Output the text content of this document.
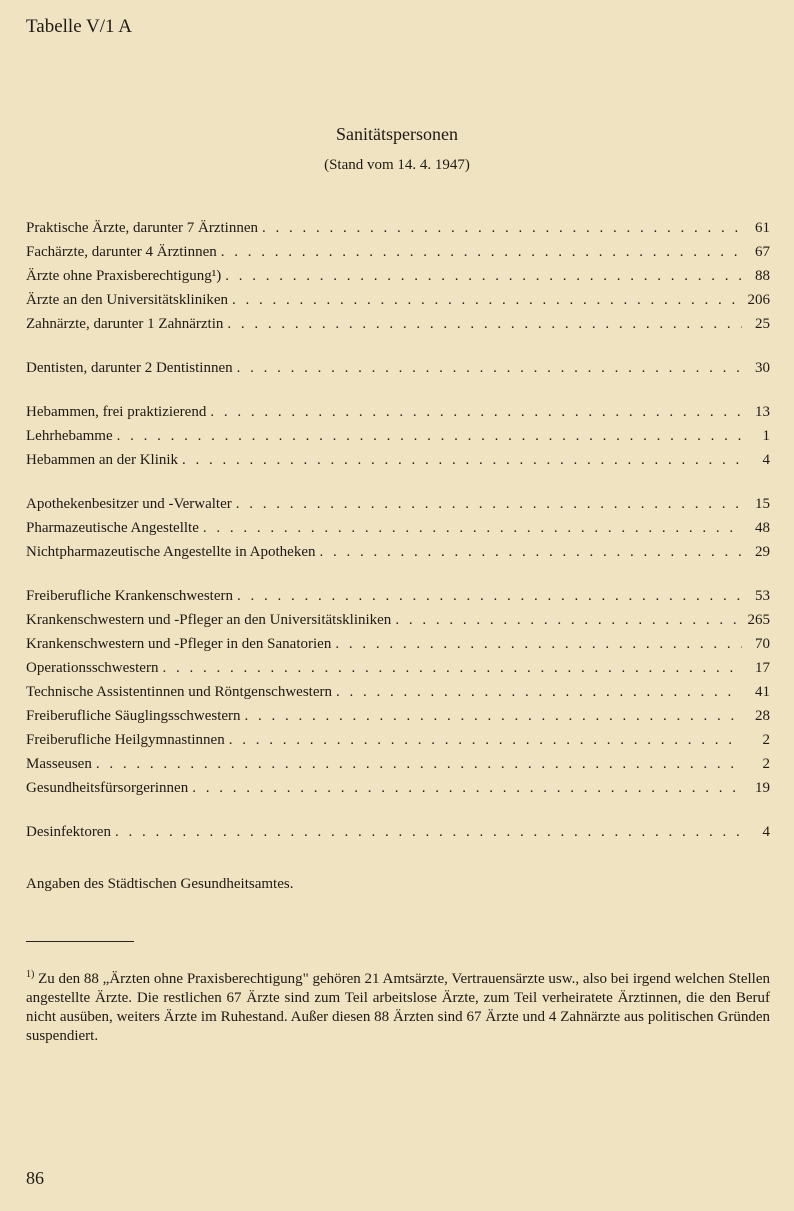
Tabelle V/1 A
Sanitätspersonen
(Stand vom 14. 4. 1947)
Praktische Ärzte, darunter 7 Ärztinnen . . .	61
Fachärzte, darunter 4 Ärztinnen . . .	67
Ärzte ohne Praxisberechtigung¹) . . .	88
Ärzte an den Universitätskliniken . . .	206
Zahnärzte, darunter 1 Zahnärztin . . .	25
Dentisten, darunter 2 Dentistinnen . . .	30
Hebammen, frei praktizierend . . .	13
Lehrhebamme . . .	1
Hebammen an der Klinik . . .	4
Apothekenbesitzer und -Verwalter . . .	15
Pharmazeutische Angestellte . . .	48
Nichtpharmazeutische Angestellte in Apotheken . . .	29
Freiberufliche Krankenschwestern . . .	53
Krankenschwestern und -Pfleger an den Universitätskliniken . . .	265
Krankenschwestern und -Pfleger in den Sanatorien . . .	70
Operationsschwestern . . .	17
Technische Assistentinnen und Röntgenschwestern . . .	41
Freiberufliche Säuglingsschwestern . . .	28
Freiberufliche Heilgymnastinnen . . .	2
Masseusen . . .	2
Gesundheitsfürsorgerinnen . . .	19
Desinfektoren . . .	4
Angaben des Städtischen Gesundheitsamtes.
$^{1)}$ Zu den 88 „Ärzten ohne Praxisberechtigung" gehören 21 Amtsärzte, Vertrauensärzte usw., also bei irgend welchen Stellen angestellte Ärzte. Die restlichen 67 Ärzte sind zum Teil arbeitslose Ärzte, zum Teil verheiratete Ärztinnen, die den Beruf nicht ausüben, weiters Ärzte im Ruhestand. Außer diesen 88 Ärzten sind 67 Ärzte und 4 Zahnärzte aus politischen Gründen suspendiert.
86
